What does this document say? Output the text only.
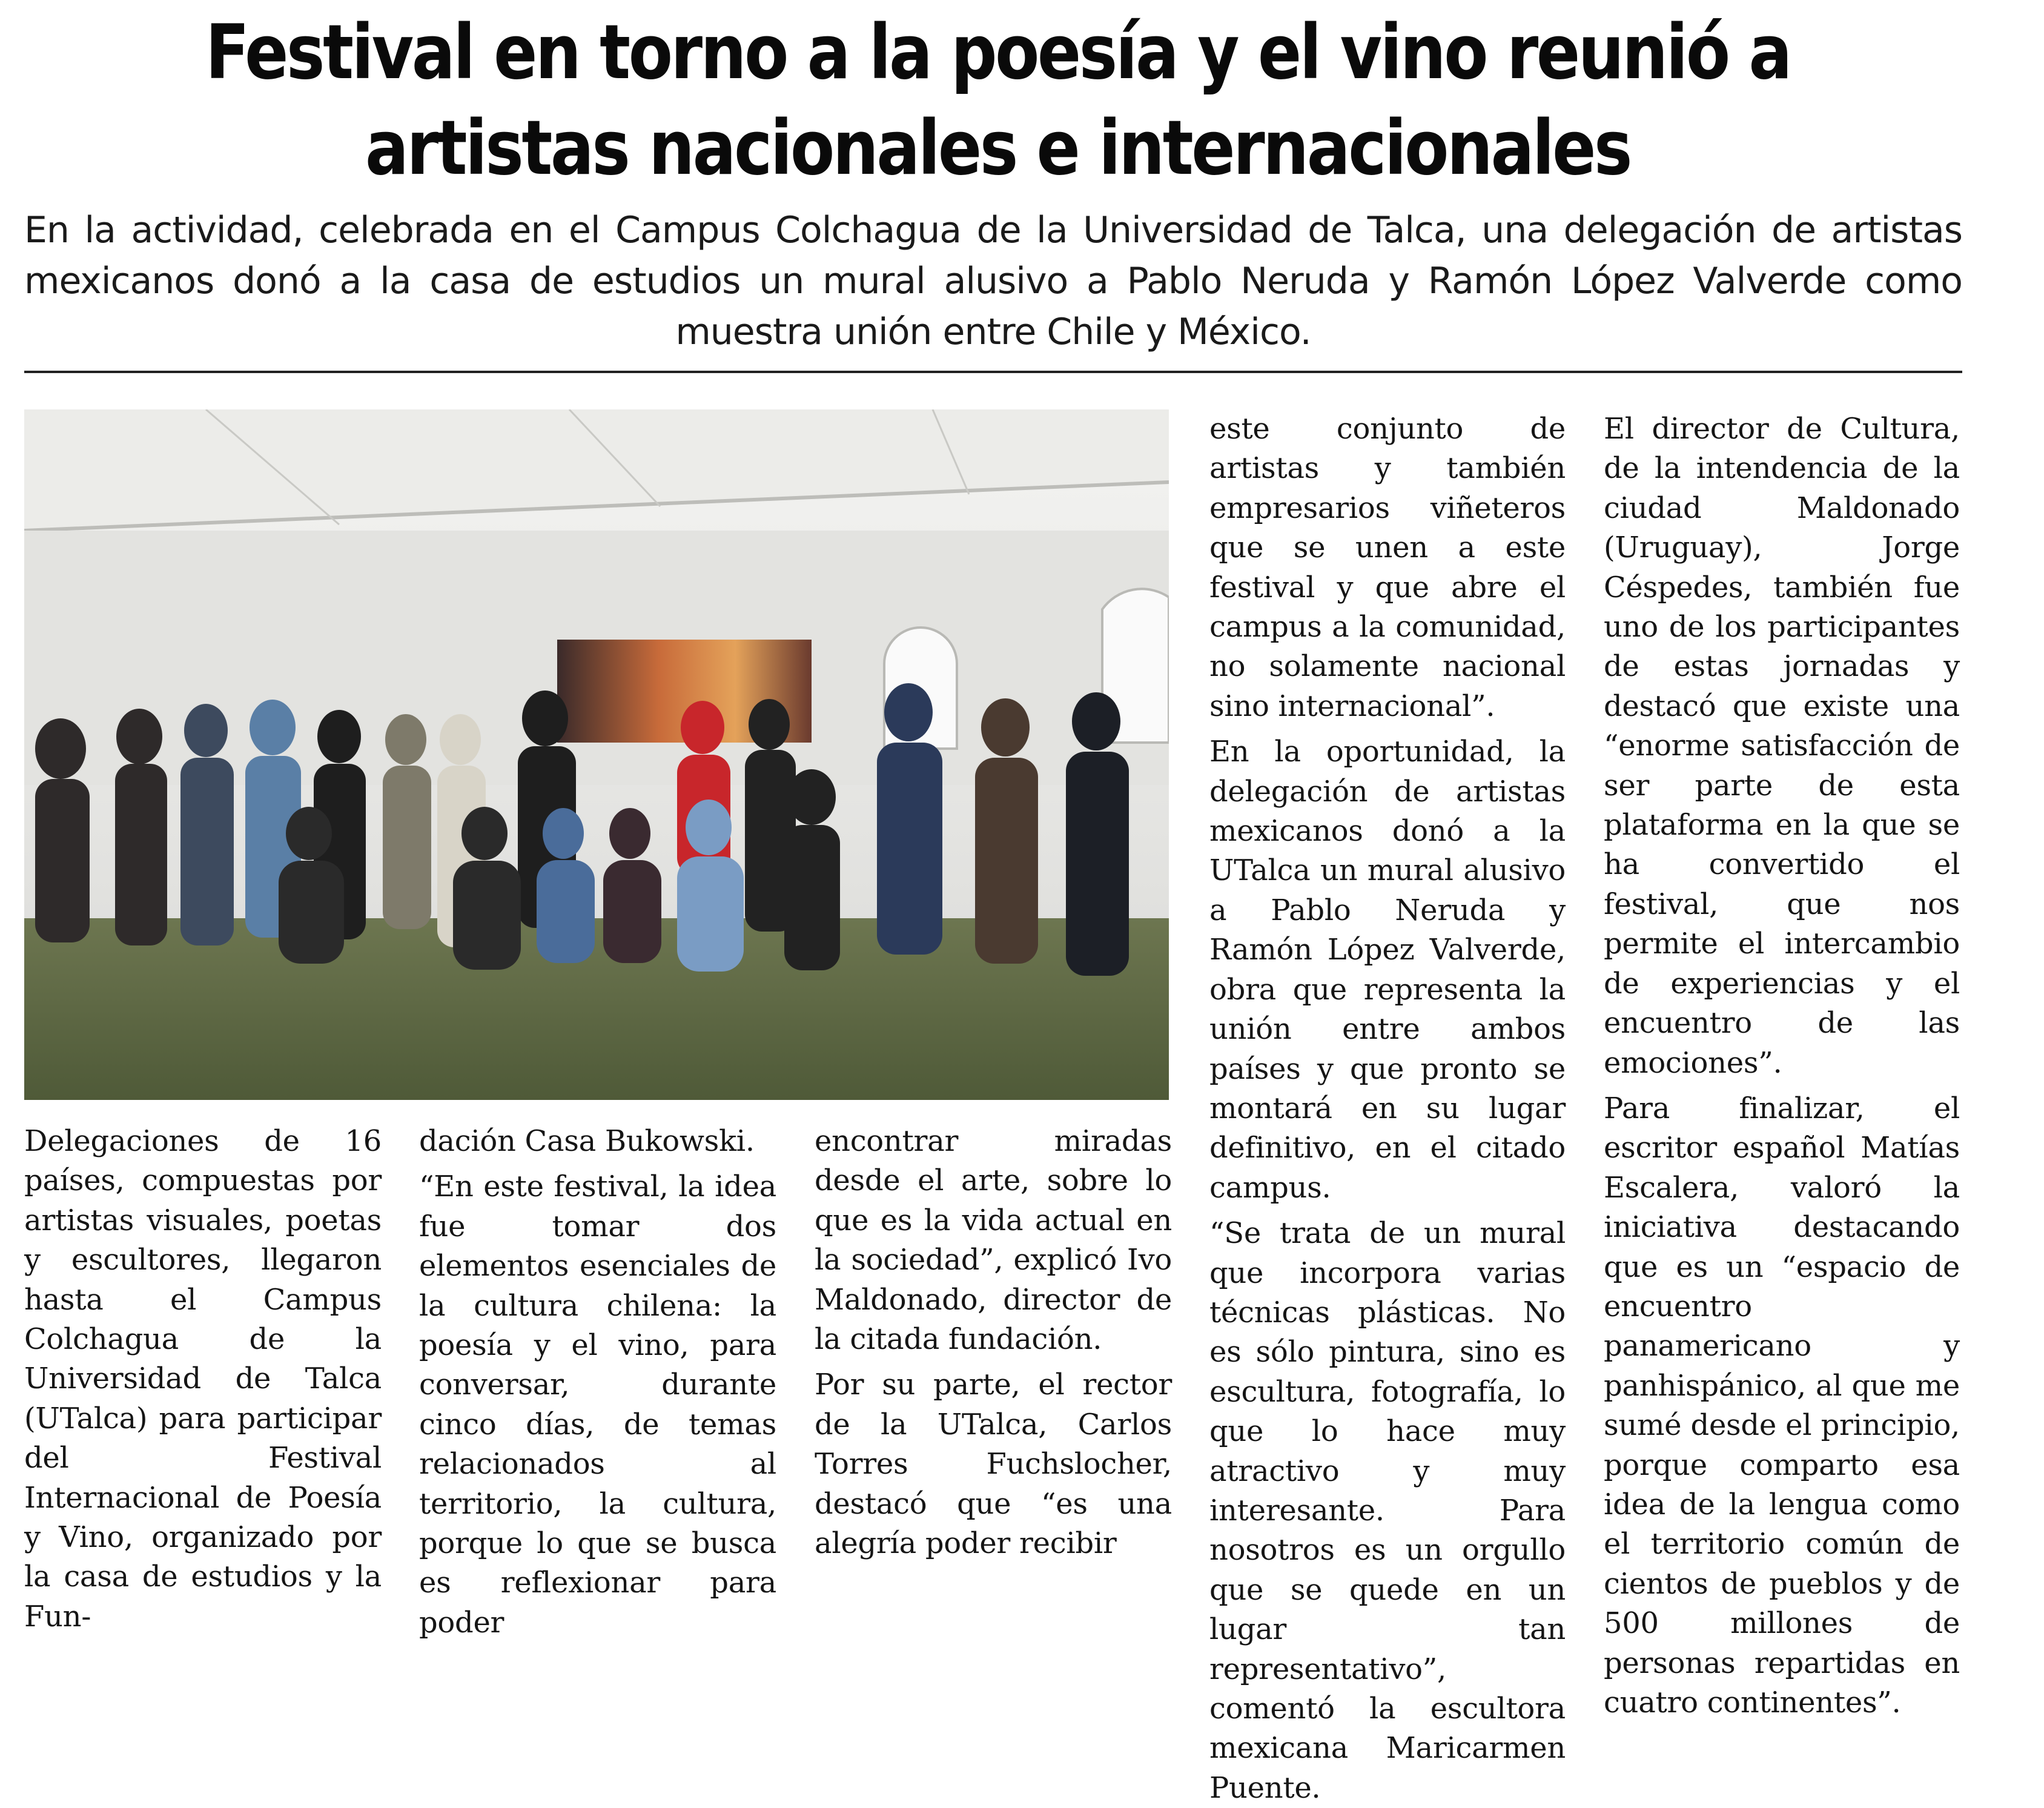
Festival en torno a la poesía y el vino reunió a artistas nacionales e internacionales

En la actividad, celebrada en el Campus Colchagua de la Universidad de Talca, una delegación de artistas mexicanos donó a la casa de estudios un mural alusivo a Pablo Neruda y Ramón López Valverde como muestra unión entre Chile y México.

Delegaciones de 16 países, compuestas por artistas visuales, poetas y escultores, llegaron hasta el Campus Colchagua de la Universidad de Talca (UTalca) para participar del Festival Internacional de Poesía y Vino, organizado por la casa de estudios y la Fun-

dación Casa Bukowski.

“En este festival, la idea fue tomar dos elementos esenciales de la cultura chilena: la poesía y el vino, para conversar, durante cinco días, de temas relacionados al territorio, la cultura, porque lo que se busca es reflexionar para poder

encontrar miradas desde el arte, sobre lo que es la vida actual en la sociedad”, explicó Ivo Maldonado, director de la citada fundación.

Por su parte, el rector de la UTalca, Carlos Torres Fuchslocher, destacó que “es una alegría poder recibir

este conjunto de artistas y también empresarios viñeteros que se unen a este festival y que abre el campus a la comunidad, no solamente nacional sino internacional”.

En la oportunidad, la delegación de artistas mexicanos donó a la UTalca un mural alusivo a Pablo Neruda y Ramón López Valverde, obra que representa la unión entre ambos países y que pronto se montará en su lugar definitivo, en el citado campus.

“Se trata de un mural que incorpora varias técnicas plásticas. No es sólo pintura, sino es escultura, fotografía, lo que lo hace muy atractivo y muy interesante. Para nosotros es un orgullo que se quede en un lugar tan representativo”, comentó la escultora mexicana Maricarmen Puente.

El director de Cultura, de la intendencia de la ciudad Maldonado (Uruguay), Jorge Céspedes, también fue uno de los participantes de estas jornadas y destacó que existe una “enorme satisfacción de ser parte de esta plataforma en la que se ha convertido el festival, que nos permite el intercambio de experiencias y el encuentro de las emociones”.

Para finalizar, el escritor español Matías Escalera, valoró la iniciativa destacando que es un “espacio de encuentro panamericano y panhispánico, al que me sumé desde el principio, porque comparto esa idea de la lengua como el territorio común de cientos de pueblos y de 500 millones de personas repartidas en cuatro continentes”.
